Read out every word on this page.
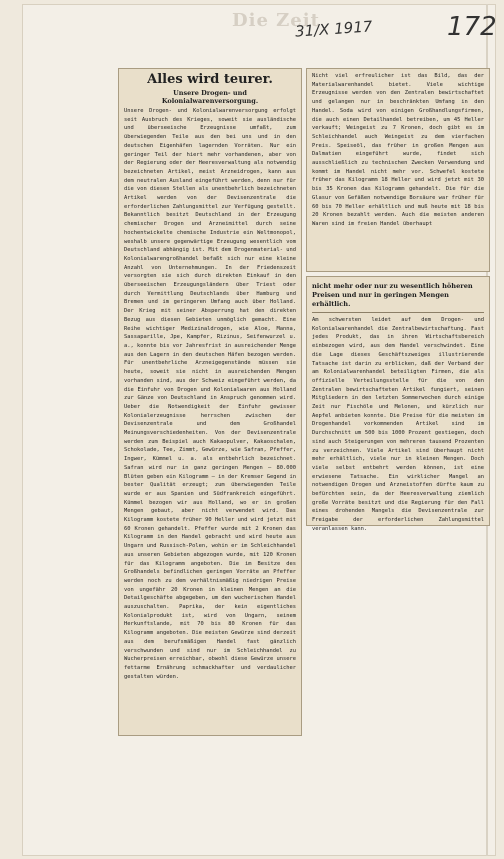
Die Zeit
31/X 1917	172
Alles wird teurer.
Unsere Drogen- und Kolonialwarenversorgung.

Unsere Drogen- und Kolonialwarenversorgung erfolgt seit Ausbruch des Krieges, soweit sie ausländische und überseeische Erzeugnisse umfaßt, zum überwiegenden Teile aus den bei uns und in den deutschen Eigenhäfen lagernden Vorräten. Nur ein geringer Teil der hiert mehr vorhandenen, aber von der Regierung oder der Heeresverwaltung als notwendig bezeichneten Artikel, meist Arzneidrogen, kann aus dem neutralen Ausland eingeführt werden, denn nur für die von diesen Stellen als unentbehrlich bezeichneten Artikel werden von der Devisenzentrale die erforderlichen Zahlungsmittel zur Verfügung gestellt. Bekanntlich besitzt Deutschland in der Erzeugung chemischer Drogen und Arzneimittel durch seine hochentwickelte chemische Industrie ein Weltmonopol, weshalb unsere gegenwärtige Erzeugung wesentlich vom Deutschland abhängig ist. Mit dem Drogenmaterial- und Kolonialwarengroßhandel befaßt sich nur eine kleine Anzahl von Unternehmungen. In der Friedenszeit versorgten sie sich durch direkten Einkauf in den überseeischen Erzeugungsländern über Triest oder durch Vermittlung Deutschlands über Hamburg und Bremen und im geringeren Umfang auch über Holland. Der Krieg mit seiner Absperrung hat den direkten Bezug aus diesen Gebieten unmöglich gemacht. Eine Reihe wichtiger Medizinaldrogen, wie Aloe, Manna, Sassaparille, Jpe, Kampfer, Rizinus, Seifenwurzel u. a., konnte bis vor Jahresfrist in ausreichender Menge aus den Lagern in den deutschen Häfen bezogen werden. Für unentbehrliche Arzneigegenstände müssen sie heute, soweit sie nicht in ausreichenden Mengen vorhanden sind, aus der Schweiz eingeführt werden, da die Einfuhr von Drogen und Kolonialwaren aus Holland zur Gänze von Deutschland in Anspruch genommen wird. Ueber die Notwendigkeit der Einfuhr gewisser Kolonialerzeugnisse herrschen zwischen der Devisenzentrale und dem Großhandel Meinungsverschiedenheiten. Von der Devisenzentrale werden zum Beispiel auch Kakaopulver, Kakaoschalen, Schokolade, Tee, Zimmt, Gewürze, wie Safran, Pfeffer, Ingwer, Kümmel u. a. als entbehrlich bezeichnet. Safran wird nur in ganz geringen Mengen — 80.000 Blüten geben ein Kilogramm — in der Kremser Gegend in bester Qualität erzeugt; zum überwiegenden Teile wurde er aus Spanien und Südfrankreich eingeführt. Kümmel bezogen wir aus Holland, wo er in großen Mengen gebaut, aber nicht verwendet wird. Das Kilogramm kostete früher 90 Heller und wird jetzt mit 60 Kronen gehandelt. Pfeffer wurde mit 2 Kronen das Kilogramm in den Handel gebracht und wird heute aus Ungarn und Russisch-Polen, wohin er im Schleichhandel aus unseren Gebieten abgezogen wurde, mit 120 Kronen für das Kilogramm angeboten. Die im Besitze des Großhandels befindlichen geringen Vorräte an Pfeffer werden noch zu dem verhältnismäßig niedrigen Preise von ungefähr 20 Kronen in kleinen Mengen an die Detailgeschäfte abgegeben, um den wucherischen Handel auszuschalten. Paprika, der kein eigentliches Kolonialprodukt ist, wird von Ungarn, seinem Herkunftslande, mit 70 bis 80 Kronen für das Kilogramm angeboten. Die meisten Gewürze sind derzeit aus dem berufsmäßigen Handel fast gänzlich verschwunden und sind nur im Schleichhandel zu Wucherpreisen erreichbar, obwohl diese Gewürze unsere fettarme Ernährung schmackhafter und verdaulicher gestalten würden.

Nicht viel erfreulicher ist das Bild, das der Materialwarenhandel bietet. Viele wichtige Erzeugnisse werden von den Zentralen bewirtschaftet und gelangen nur in beschränkten Umfang in den Handel. Soda wird von einigen Großhandlungsfirmen, die auch einen Detailhandel betreiben, um 45 Heller verkauft; Weingeist zu 7 Kronen, doch gibt es im Schleichhandel auch Weingeist zu dem vierfachen Preis. Speiseöl, das früher in großen Mengen aus Dalmatien eingeführt wurde, findet sich ausschließlich zu technischen Zwecken Verwendung und kommt im Handel nicht mehr vor. Schwefel kostete früher das Kilogramm 18 Heller und wird jetzt mit 30 bis 35 Kronen das Kilogramm gehandelt. Die für die Glasur von Gefäßen notwendige Borsäure war früher für 60 bis 70 Heller erhältlich und muß heute mit 18 bis 20 Kronen bezahlt werden. Auch die meisten anderen Waren sind im freien Handel überhaupt

nicht mehr oder nur zu wesentlich höheren Preisen und nur in geringen Mengen erhältlich.

Am schwersten leidet auf dem Drogen- und Kolonialwarenhandel die Zentralbewirtschaftung. Fast jedes Produkt, das in ihren Wirtschaftsbereich einbezogen wird, aus dem Handel verschwindet. Eine die Lage dieses Geschäftszweiges illustrierende Tatsache ist darin zu erblicken, daß der Verband der am Kolonialwarenhandel beteiligten Firmen, die als offizielle Verteilungsstelle für die von den Zentralen bewirtschafteten Artikel fungiert, seinen Mitgliedern in den letzten Sommerwochen durch einige Zeit nur Fischöle und Melonen, und kürzlich nur Aepfel anbieten konnte. Die Preise für die meisten im Drogenhandel vorkommenden Artikel sind im Durchschnitt um 500 bis 1000 Prozent gestiegen, doch sind auch Steigerungen von mehreren tausend Prozenten zu verzeichnen. Viele Artikel sind überhaupt nicht mehr erhältlich, viele nur in kleinen Mengen. Doch viele selbst entbehrt werden können, ist eine erwiesene Tatsache. Ein wirklicher Mangel an notwendigen Drogen und Arzneistoffen dürfte kaum zu befürchten sein, da der Heeresverwaltung ziemlich große Vorräte besitzt und die Regierung für den Fall eines drohenden Mangels die Devisenzentrale zur Freigabe der erforderlichen Zahlungsmittel veranlassen kann.
